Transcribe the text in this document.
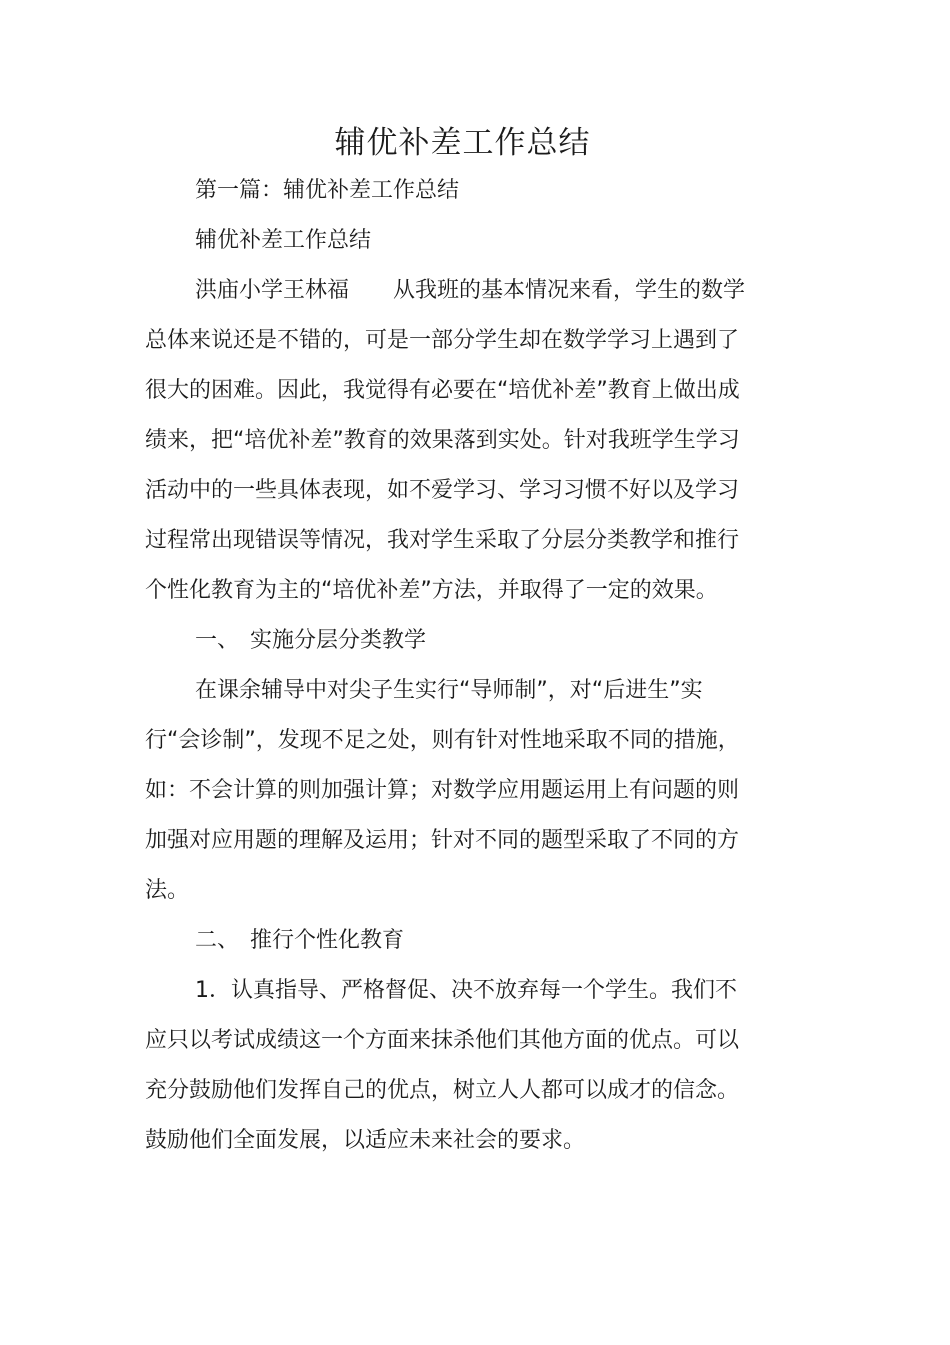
辅优补差工作总结

第一篇：辅优补差工作总结

辅优补差工作总结

洪庙小学王林福　　从我班的基本情况来看，学生的数学总体来说还是不错的，可是一部分学生却在数学学习上遇到了很大的困难。因此，我觉得有必要在“培优补差”教育上做出成绩来，把“培优补差”教育的效果落到实处。针对我班学生学习活动中的一些具体表现，如不爱学习、学习习惯不好以及学习过程常出现错误等情况，我对学生采取了分层分类教学和推行个性化教育为主的“培优补差”方法，并取得了一定的效果。

一、　实施分层分类教学

在课余辅导中对尖子生实行“导师制”，对“后进生”实行“会诊制”，发现不足之处，则有针对性地采取不同的措施，如：不会计算的则加强计算；对数学应用题运用上有问题的则加强对应用题的理解及运用；针对不同的题型采取了不同的方法。

二、　推行个性化教育

1．认真指导、严格督促、决不放弃每一个学生。我们不应只以考试成绩这一个方面来抹杀他们其他方面的优点。可以充分鼓励他们发挥自己的优点，树立人人都可以成才的信念。鼓励他们全面发展，以适应未来社会的要求。
